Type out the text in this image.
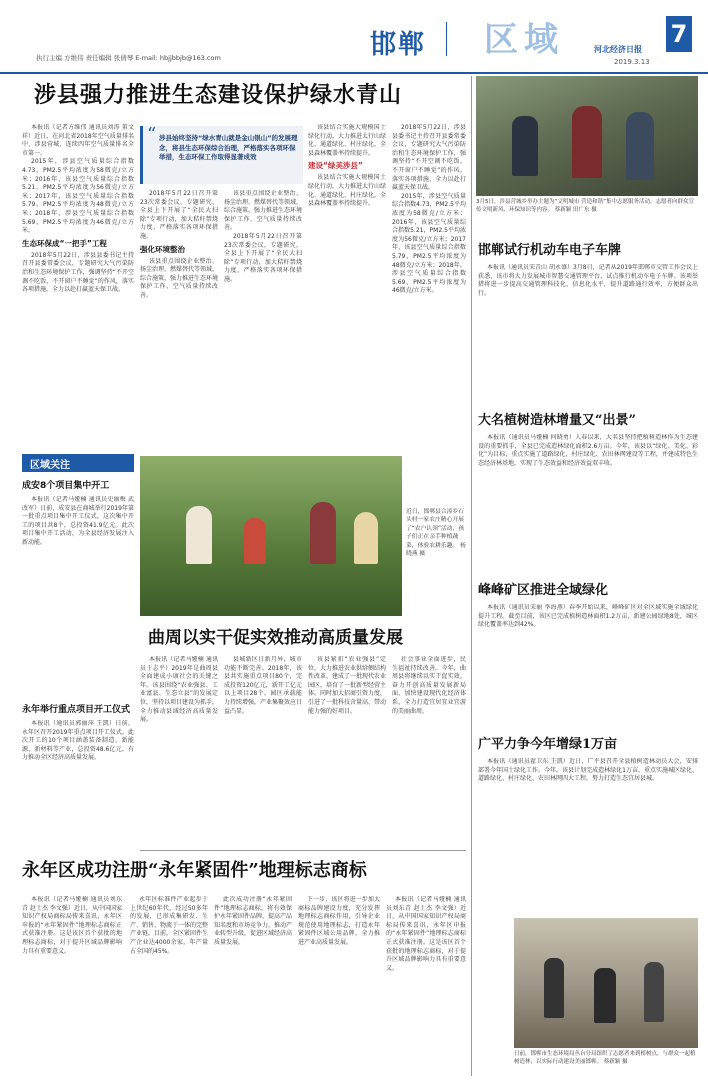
执行主编 方维伟 责任编辑 张倩琴 E-mail: hbjjbbjb@163.com	邯郸 区域	河北经济日报
2019.3.13
7
涉县强力推进生态建设保护绿水青山

本报讯（记者方维伟 通讯员刘涛 董文祥）近日，在河北省2018年空气质量排名中，涉县营城，连续四年空气质量排名全市第一。

2015年，涉县空气质量综合指数4.73，PM2.5平均浓度为58微克/立方米；2016年，该县空气质量综合指数5.21，PM2.5平均浓度为56微克/立方米；2017年，该县空气质量综合指数5.79，PM2.5平均浓度为48微克/立方米；2018年，涉县空气质量综合指数5.69，PM2.5平均浓度为46微克/立方米。

生态环保成“一把手”工程

2018年5月22日，涉县县委书记主持召开县委常委会议，专题研究大气污染防治和生态环境保护工作，强调坚持“不开空调不吃饭，不开窗户不睡觉”的作风，落实各项措施，全力以赴打赢蓝天保卫战。

“ 涉县始终坚持“绿水青山就是金山银山”的发展理念，将县生态环保综合治理，严格落实各项环保举措，生态环保工作取得显著成效

2018年5月22日召开第23次常委会议，专题研究，全县上下开展了“全民大扫除”专项行动，加大秸秆禁烧力度，严格落实各项环保措施。

强化环境整治

该县重点围绕企业整治、扬尘治理、燃煤替代等领域，综合施策，强力推进生态环境保护工作，空气质量持续改善。

该县重点围绕企业整治、扬尘治理、燃煤替代等领域，综合施策，强力推进生态环境保护工作，空气质量持续改善。

2018年5月22日召开第23次常委会议，专题研究，全县上下开展了“全民大扫除”专项行动，加大秸秆禁烧力度，严格落实各项环保措施。

该县结合实施大规模国土绿化行动，大力推进太行山绿化、通道绿化、村庄绿化，全县森林覆盖率持续提升。

建设“绿美涉县”

该县结合实施大规模国土绿化行动，大力推进太行山绿化、通道绿化、村庄绿化，全县森林覆盖率持续提升。

2018年5月22日，涉县县委书记主持召开县委常委会议，专题研究大气污染防治和生态环境保护工作，强调坚持“不开空调不吃饭，不开窗户不睡觉”的作风，落实各项措施，全力以赴打赢蓝天保卫战。

2015年，涉县空气质量综合指数4.73，PM2.5平均浓度为58微克/立方米；2016年，该县空气质量综合指数5.21，PM2.5平均浓度为56微克/立方米；2017年，该县空气质量综合指数5.79，PM2.5平均浓度为48微克/立方米；2018年，涉县空气质量综合指数5.69，PM2.5平均浓度为46微克/立方米。

3月5日，涉县营城乡举办主题为“文明城市 营造和谐”集中志愿服务活动，志愿者向群众宣传文明新风、环保知识等内容。 蔡新颖 田广东 摄
邯郸试行机动车电子车牌
本报讯（通讯员宋青山 胡永盛）3月8日，记者从2019年邯郸市交管工作会议上获悉，该市将大力发展城市智慧交通管理平台，试点推行机动车电子车牌。该项举措将进一步提高交通管理科技化、信息化水平，提升道路通行效率，方便群众出行。
大名植树造林增量又“出景”
本报讯（通讯员马娅楠 何晓勇）人春以来，大名县坚持把植树造林作为生态建设的重要抓手，全县已完成造林绿化面积2.6万亩。今年，该县以“绿化、美化、彩化”为目标，重点实施了道路绿化、村庄绿化、农田林网建设等工程，并建成特色生态经济林基地，实现了生态效益和经济效益双丰收。
峰峰矿区推进全域绿化
本报讯（通讯员宋丽 李海燕）春季开始以来，峰峰矿区对全区域实施全域绿化提升工程。截至目前，该区已完成植树造林面积1.2万亩，新建公园绿地8处，城区绿化覆盖率达到42%。
广平力争今年增绿1万亩
本报讯（通讯员翟卫东 王凯）近日，广平县召开全县植树造林动员大会，安排部署今年国土绿化工作。今年，该县计划完成造林绿化1万亩，重点实施城区绿化、道路绿化、村庄绿化、农田林网四大工程，努力打造生态宜居县城。
日前，邯郸市生态环境局丛台分局组织了志愿者来到植树点，与群众一起植树造林，以实际行动建设美丽邯郸。 蔡新颖 摄
区域关注
成安8个项目集中开工
本报讯（记者马娅楠 通讯员史丽梅 武改军）日前，成安县在商城举行2019年第一批重点项目集中开工仪式，这次集中开工的项目共8个，总投资41.9亿元。此次项目集中开工活动，为全县经济发展注入新动能。
永年举行重点项目开工仪式
本报讯（通讯员郭丽萍 王凯）日前，永年区召开2019年重点项目开工仪式。此次开工的10个项目涵盖装备制造、新能源、新材料等产业，总投资48.6亿元，有力推动全区经济高质量发展。
近日，邯郸县合漳乡石头村一家农庄精心开展了“农户认领”活动，孩子们正在亲手种植蔬菜，体验农耕乐趣。 杨晓燕 摄
曲周以实干促实效推动高质量发展
本报讯（记者马娅楠 通讯员于志平）2019年是曲周县全面建成小康社会的关键之年。该县围绕“农业强县、工业富县、生态立县”的发展定位，坚持以项目建设为抓手，全力推动县域经济高质量发展。
县城新区日新月异，城市功能不断完善。2018年，该县共实施重点项目80个，完成投资120亿元，新开工亿元以上项目28个。园区承载能力持续增强，产业集聚效应日益凸显。
该县紧扣“农业强县”定位，大力推进农业供给侧结构性改革，建成了一批现代农业园区，培育了一批新型经营主体。同时加大招商引资力度，引进了一批科技含量高、带动能力强的好项目。
社会事业全面进步，民生福祉持续改善。今年，曲周县将继续以实干促实效，奋力开创高质量发展新局面，加快建设现代化经济体系，全力打造宜居宜业宜游的美丽曲周。
永年区成功注册“永年紧固件”地理标志商标
本报讯（记者马娅楠 通讯员刘东青 赵士杰 李文强）近日，从中国国家知识产权局商标局传来喜讯，永年区申报的“永年紧固件”地理标志商标正式获准注册。这是该区首个获批的地理标志商标，对于提升区域品牌影响力具有重要意义。
永年区标准件产业起步于上世纪60年代，经过50多年的发展，已形成集研发、生产、销售、物流于一体的完整产业链。目前，全区紧固件生产企业达4000余家，年产量占全国的45%。
此次成功注册“永年紧固件”地理标志商标，将有效保护永年紧固件品牌，提高产品知名度和市场竞争力，推动产业转型升级，促进区域经济高质量发展。
下一步，该区将进一步加大商标品牌建设力度，充分发挥地理标志商标作用，引导企业规范使用地理标志，打造永年紧固件区域公用品牌，全力推进产业高质量发展。
本报讯（记者马娅楠 通讯员刘东青 赵士杰 李文强）近日，从中国国家知识产权局商标局传来喜讯，永年区申报的“永年紧固件”地理标志商标正式获准注册。这是该区首个获批的地理标志商标，对于提升区域品牌影响力具有重要意义。
